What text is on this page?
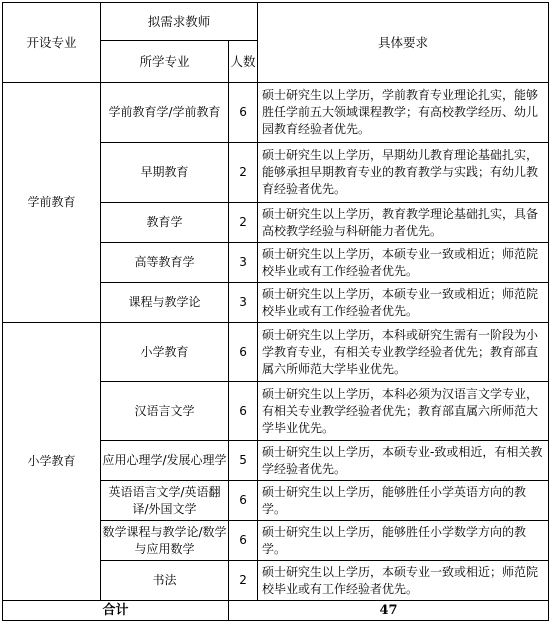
开设专业	拟需求教师		具体要求
	所学专业	人数	
学前教育	学前教育学/学前教育	6	硕士研究生以上学历，学前教育专业理论扎实，能够胜任学前五大领域课程教学；有高校教学经历、幼儿园教育经验者优先。
	早期教育	2	硕士研究生以上学历，早期幼儿教育理论基础扎实，能够承担早期教育专业的教育教学与实践；有幼儿教育经验者优先。
	教育学	2	硕士研究生以上学历，教育教学理论基础扎实，具备高校教学经验与科研能力者优先。
	高等教育学	3	硕士研究生以上学历，本硕专业一致或相近；师范院校毕业或有工作经验者优先。
	课程与教学论	3	硕士研究生以上学历，本硕专业一致或相近；师范院校毕业或有工作经验者优先。
小学教育	小学教育	6	硕士研究生以上学历，本科或研究生需有一阶段为小学教育专业，有相关专业教学经验者优先；教育部直属六所师范大学毕业优先。
	汉语言文学	6	硕士研究生以上学历，本科必须为汉语言文学专业，有相关专业教学经验者优先；教育部直属六所师范大学毕业优先。
	应用心理学/发展心理学	5	硕士研究生以上学历，本硕专业-致或相近，有相关教学经验者优先。
	英语语言文学/英语翻译/外国文学	6	硕士研究生以上学历，能够胜任小学英语方向的教学。
	数学课程与教学论/数学与应用数学	6	硕士研究生以上学历，能够胜任小学数学方向的教学。
	书法	2	硕士研究生以上学历，本硕专业一致或相近；师范院校毕业或有工作经验者优先。
合计		47	
